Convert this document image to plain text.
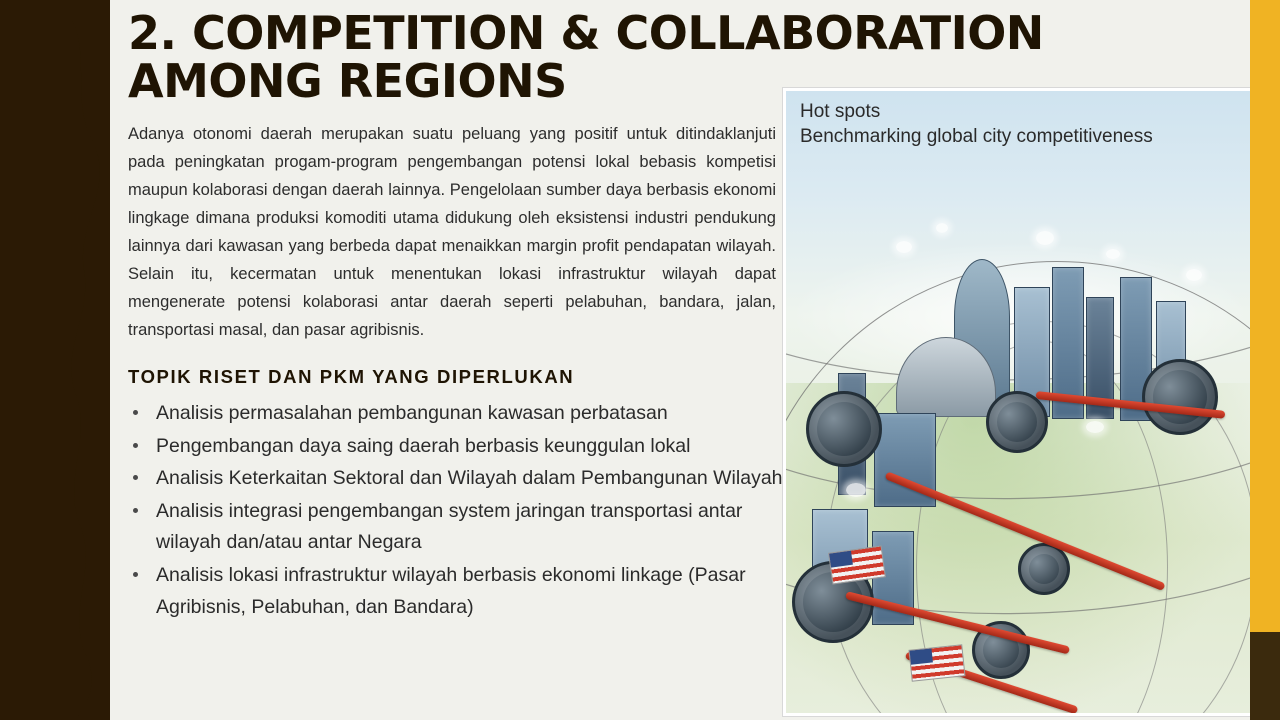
2. COMPETITION & COLLABORATION AMONG REGIONS

Adanya otonomi daerah merupakan suatu peluang yang positif untuk ditindaklanjuti pada peningkatan progam-program pengembangan potensi lokal bebasis kompetisi maupun kolaborasi dengan daerah lainnya. Pengelolaan sumber daya berbasis ekonomi lingkage dimana produksi komoditi utama didukung oleh eksistensi industri pendukung lainnya dari kawasan yang berbeda dapat menaikkan margin profit pendapatan wilayah. Selain itu, kecermatan untuk menentukan lokasi infrastruktur wilayah dapat mengenerate potensi kolaborasi antar daerah seperti pelabuhan, bandara, jalan, transportasi masal, dan pasar agribisnis.

TOPIK RISET DAN PKM YANG DIPERLUKAN
Analisis permasalahan pembangunan kawasan perbatasan
Pengembangan daya saing daerah berbasis keunggulan lokal
Analisis Keterkaitan Sektoral dan Wilayah dalam Pembangunan Wilayah
Analisis integrasi pengembangan system jaringan transportasi antar wilayah dan/atau antar Negara
Analisis lokasi infrastruktur wilayah berbasis ekonomi linkage (Pasar Agribisnis, Pelabuhan, dan Bandara)
Hot spots
Benchmarking global city competitiveness
